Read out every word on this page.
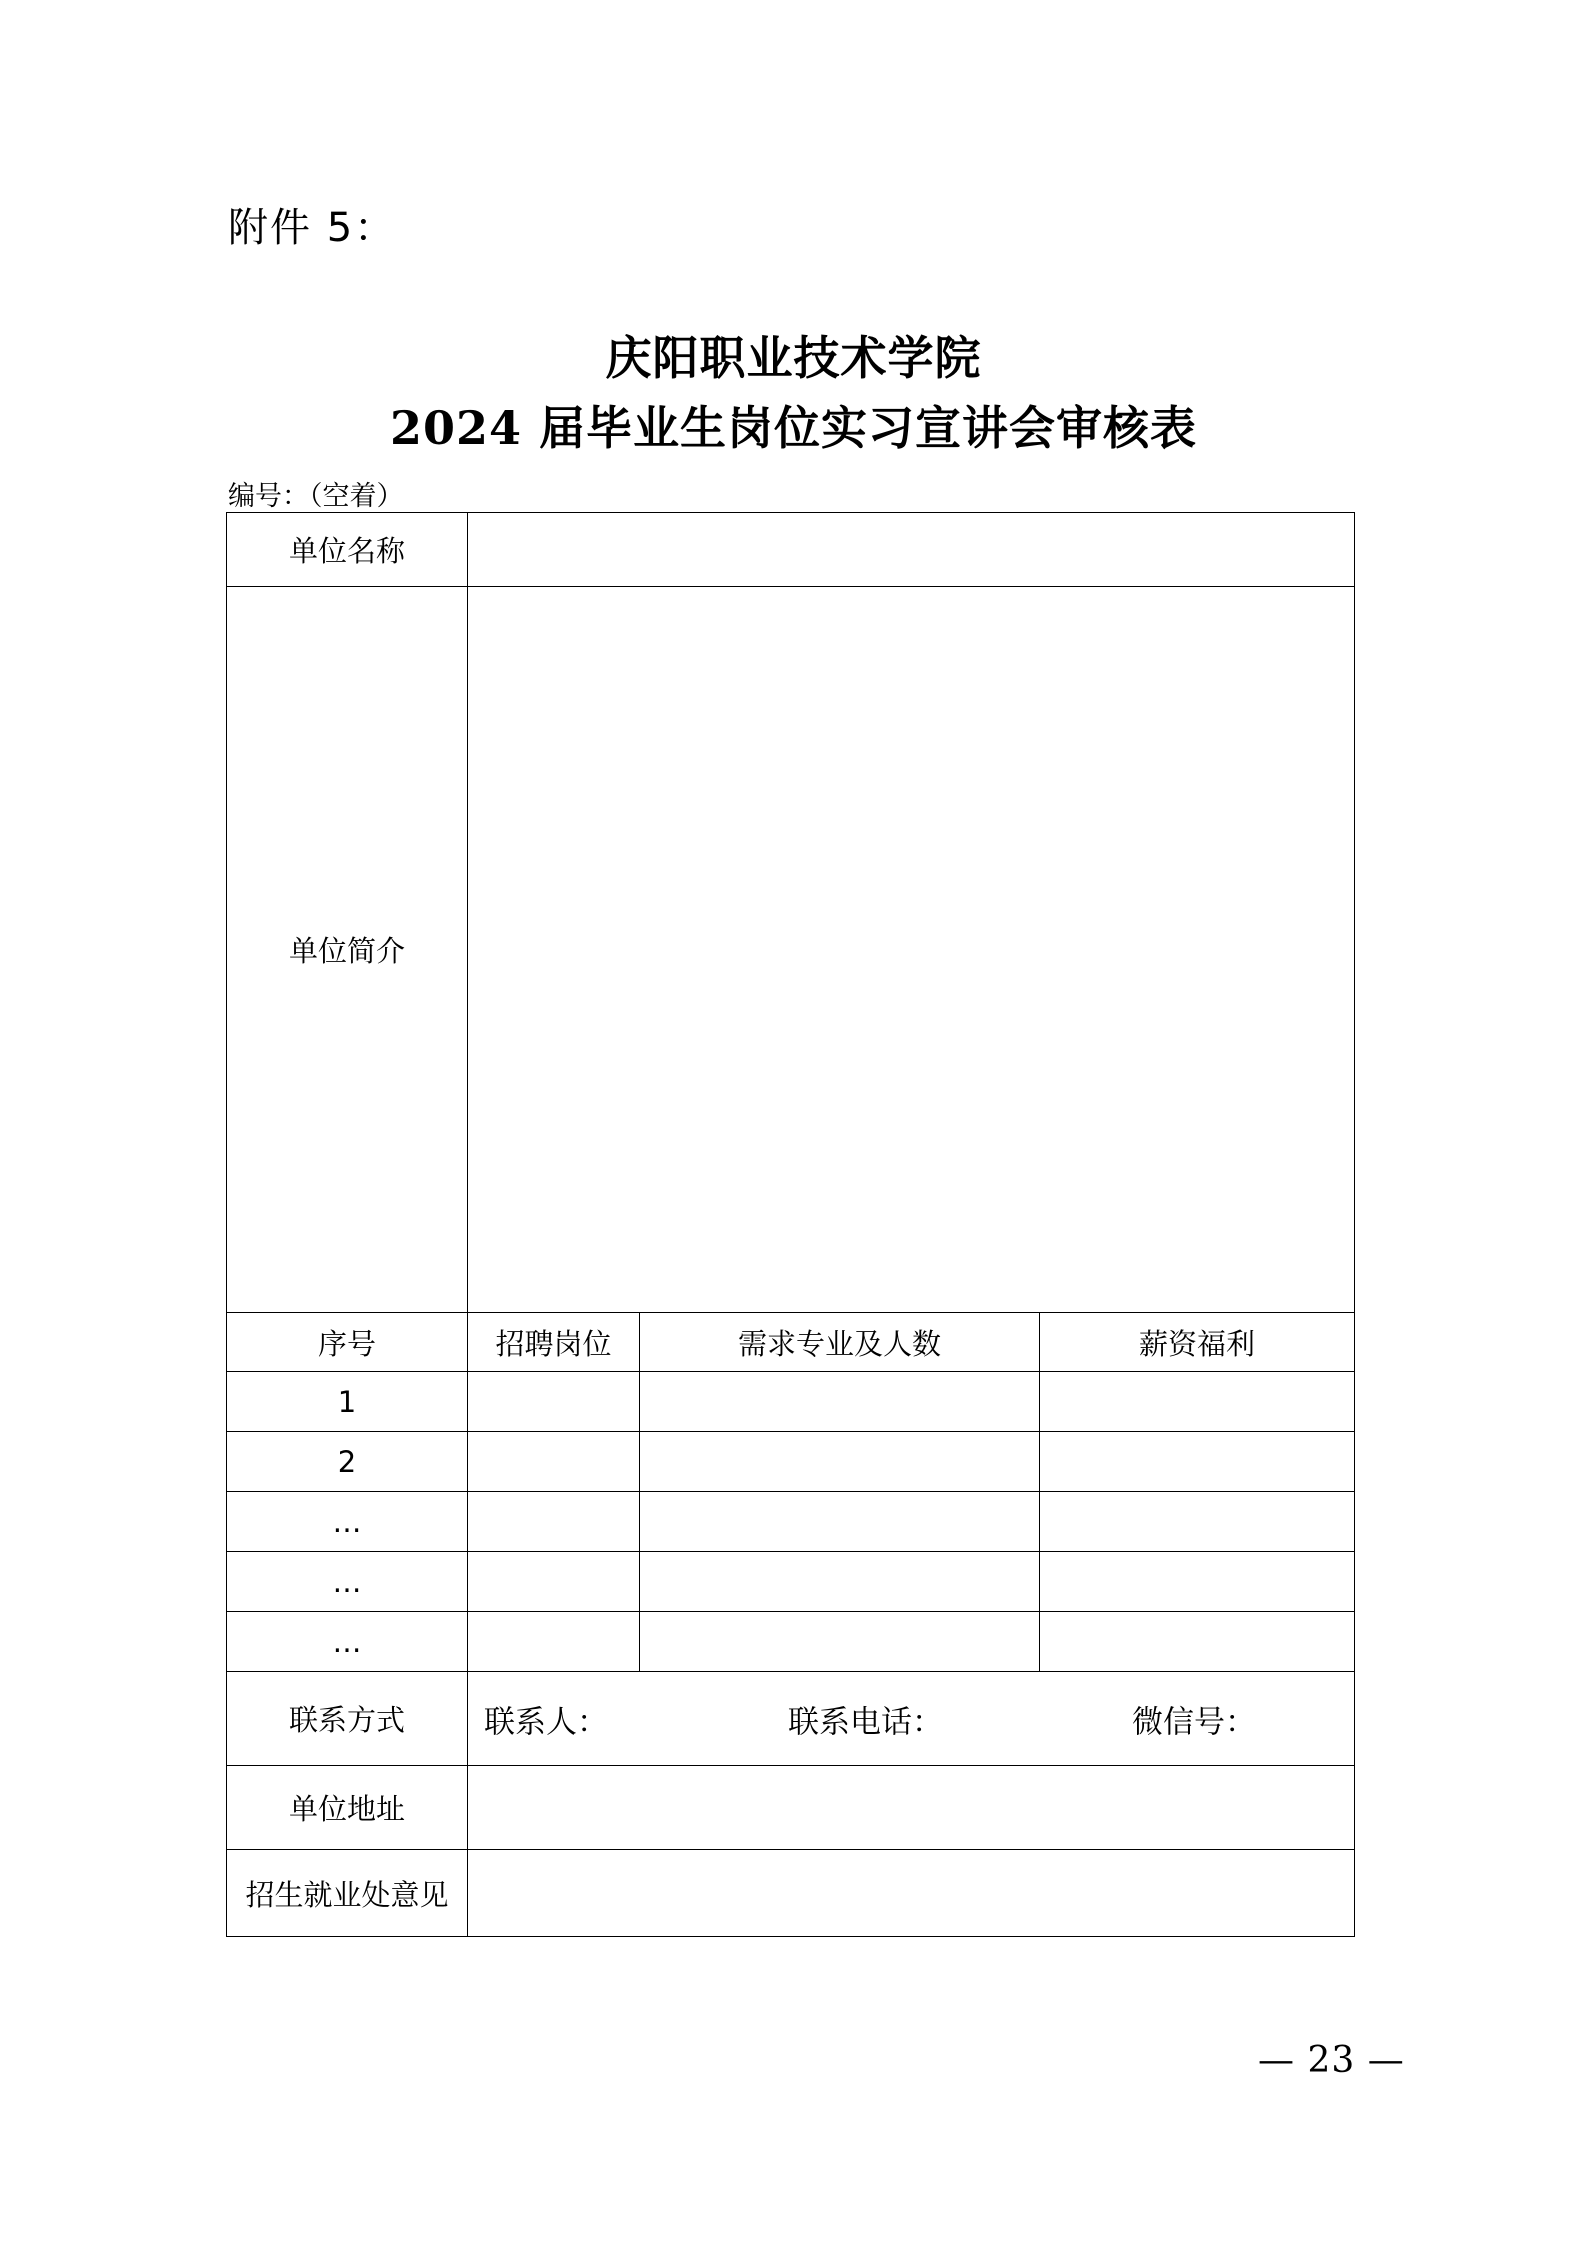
附件 5：
庆阳职业技术学院
2024 届毕业生岗位实习宣讲会审核表
编号：（空着）
单位名称			
单位简介			
序号	招聘岗位	需求专业及人数	薪资福利
1			
2			
…			
…			
…			
联系方式	联系人： 联系电话： 微信号：		

单位地址			
招生就业处意见			
— 23 —
